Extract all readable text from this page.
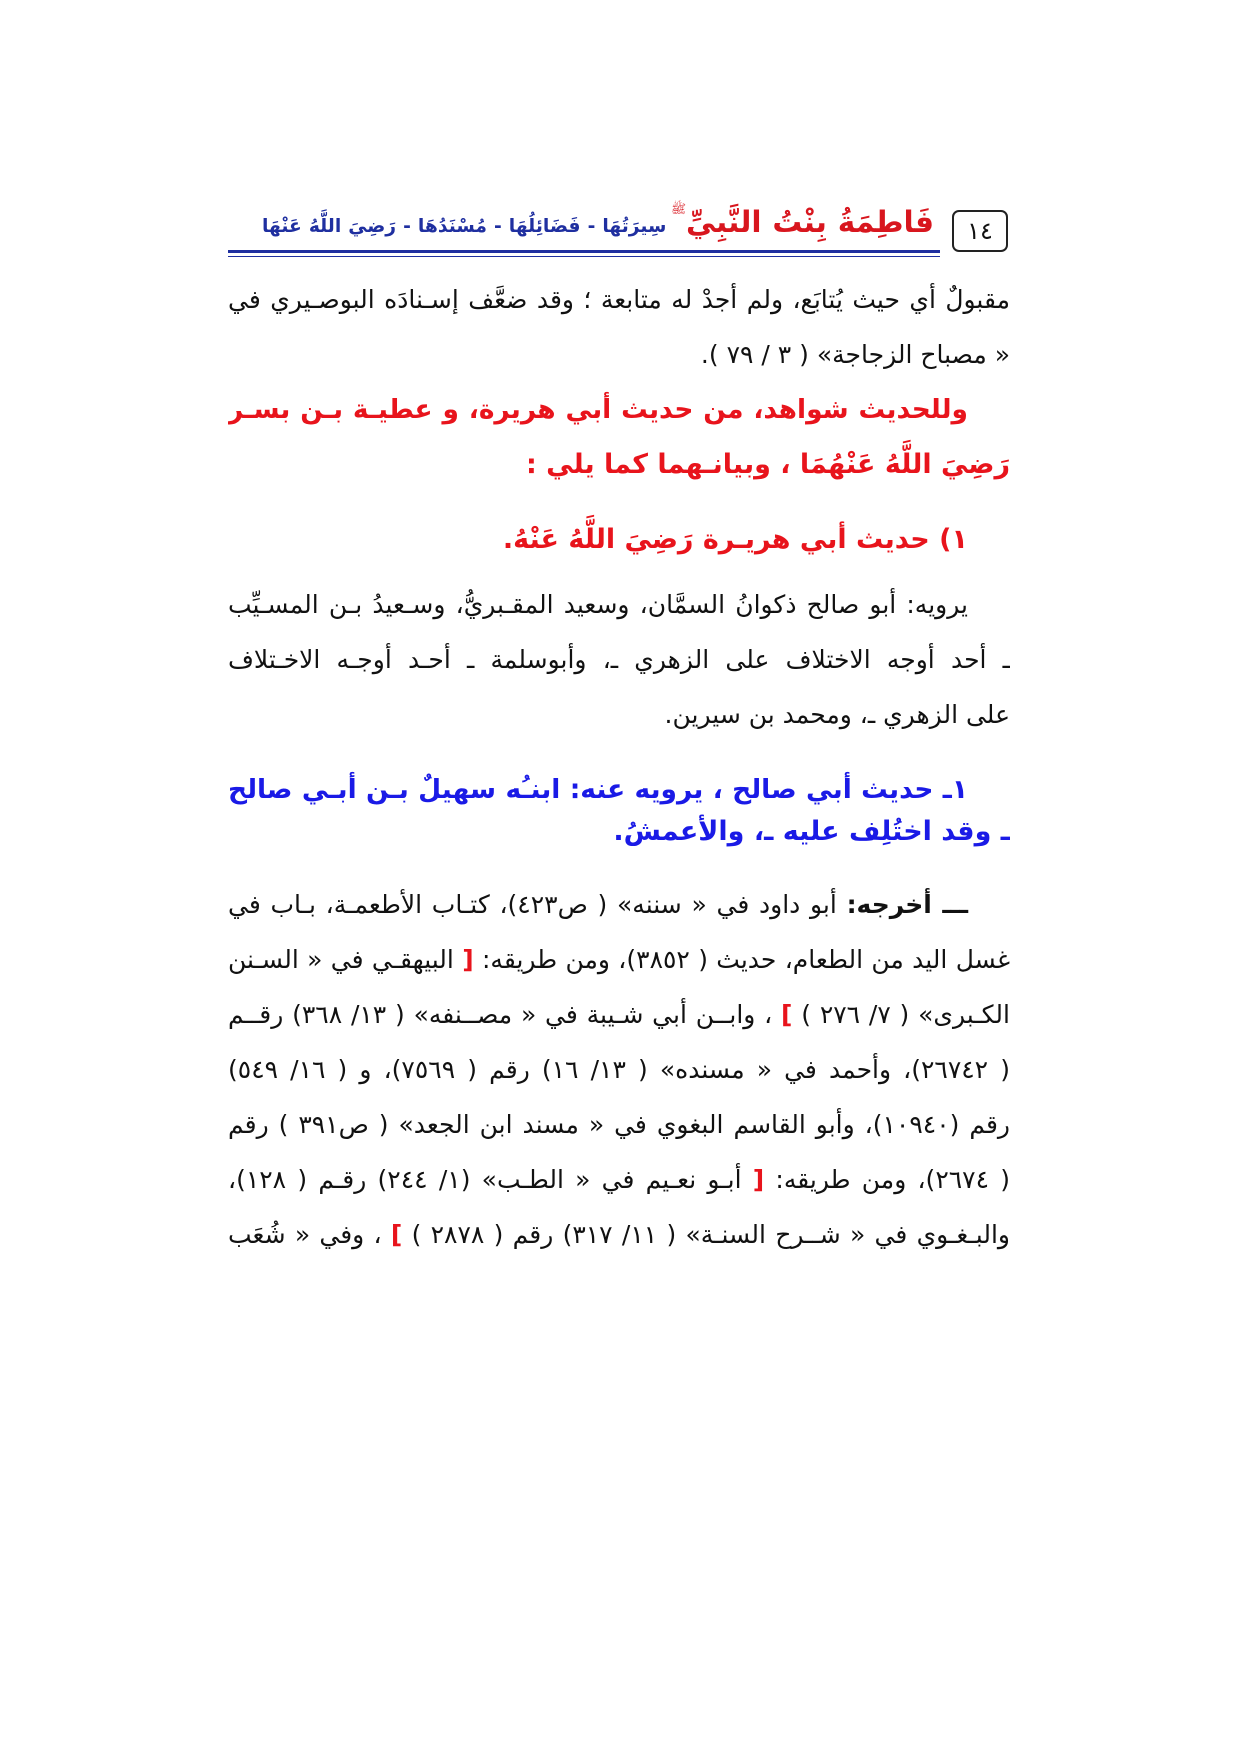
١٤
فَاطِمَةُ بِنْتُ النَّبِيِّﷺ سِيرَتُهَا - فَضَائِلُهَا - مُسْنَدُهَا - رَضِيَ اللَّهُ عَنْهَا
مقبولٌ أي حيث يُتابَع، ولم أجدْ له متابعة ؛ وقد ضعَّف إسـنادَه البوصـيري في
« مصباح الزجاجة» ( ٣ / ٧٩ ).
وللحديث شواهد، من حديث أبي هريرة، و عطيـة بـن بسـر
رَضِيَ اللَّهُ عَنْهُمَا ، وبيانـهما كما يلي :
١) حديث أبي هريـرة رَضِيَ اللَّهُ عَنْهُ.
يرويه: أبو صالح ذكوانُ السمَّان، وسعيد المقـبريُّ، وسـعيدُ بـن المسـيِّب
ـ أحد أوجه الاختلاف على الزهري ـ، وأبوسلمة ـ أحـد أوجـه الاخـتلاف
على الزهري ـ، ومحمد بن سيرين.
١ـ حديث أبي صالح ، يرويه عنه: ابنـُه سهيلٌ بـن أبـي صالح
ـ وقد اختُلِف عليه ـ، والأعمشُ.
ـــ أخرجه: أبو داود في « سننه» ( ص٤٢٣)، كتـاب الأطعمـة، بـاب في
غسل اليد من الطعام، حديث ( ٣٨٥٢)، ومن طريقه: [ البيهقـي في « السـنن
الكـبرى» ( ٧/ ٢٧٦ ) ] ، وابــن أبي شـيبة في « مصــنفه» ( ١٣/ ٣٦٨) رقــم
( ٢٦٧٤٢)، وأحمد في « مسنده» ( ١٣/ ١٦) رقم ( ٧٥٦٩)، و ( ١٦/ ٥٤٩)
رقم (١٠٩٤٠)، وأبو القاسم البغوي في « مسند ابن الجعد» ( ص٣٩١ ) رقم
( ٢٦٧٤)، ومن طريقه: [ أبـو نعـيم في « الطـب» (١/ ٢٤٤) رقـم ( ١٢٨)،
والبـغـوي في « شــرح السنـة» ( ١١/ ٣١٧) رقم ( ٢٨٧٨ ) ] ، وفي « شُعَب
